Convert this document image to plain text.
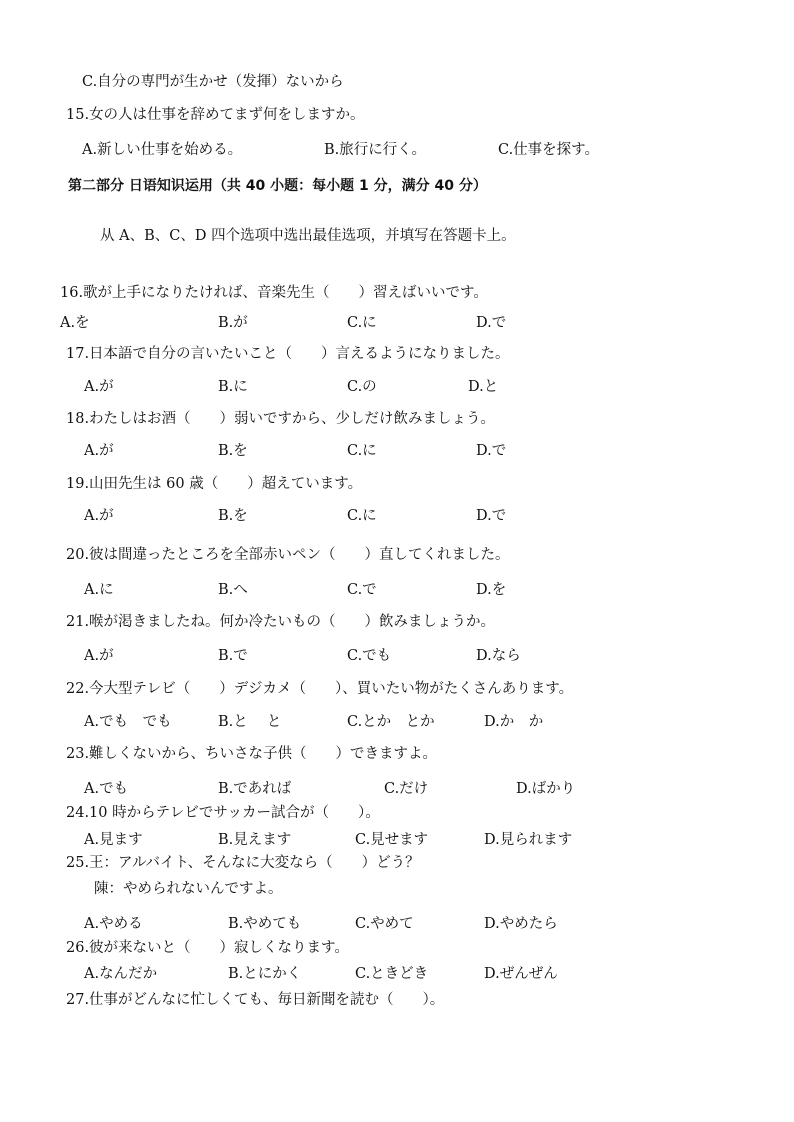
C.自分の専門が生かせ（发揮）ないから
15.女の人は仕事を辞めてまず何をしますか。
A.新しい仕事を始める。	B.旅行に行く。	C.仕事を探す。
第二部分 日语知识运用（共 40 小题：每小题 1 分，满分 40 分）
从 A、B、C、D 四个选项中选出最佳选项，并填写在答题卡上。
16.歌が上手になりたければ、音楽先生（　　）習えばいいです。
A.を	B.が	C.に	D.で
17.日本語で自分の言いたいこと（　　）言えるようになりました。
A.が	B.に	C.の	D.と
18.わたしはお酒（　　）弱いですから、少しだけ飲みましょう。
A.が	B.を	C.に	D.で
19.山田先生は 60 歳（　　）超えています。
A.が	B.を	C.に	D.で
20.彼は間違ったところを全部赤いペン（　　）直してくれました。
A.に	B.へ	C.で	D.を
21.喉が渇きましたね。何か冷たいもの（　　）飲みましょうか。
A.が	B.で	C.でも	D.なら
22.今大型テレビ（　　）デジカメ（　　）、買いたい物がたくさんあります。
A.でも　でも	B.と　 と	C.とか　とか	D.か　か
23.難しくないから、ちいさな子供（　　）できますよ。
A.でも	B.であれば	C.だけ	D.ばかり
24.10 時からテレビでサッカー試合が（　　）。
A.見ます	B.見えます	C.見せます	D.見られます
25.王：アルバイト、そんなに大変なら（　　）どう？
陳：やめられないんですよ。
A.やめる	B.やめても	C.やめて	D.やめたら
26.彼が来ないと（　　）寂しくなります。
A.なんだか	B.とにかく	C.ときどき	D.ぜんぜん
27.仕事がどんなに忙しくても、毎日新聞を読む（　　）。
